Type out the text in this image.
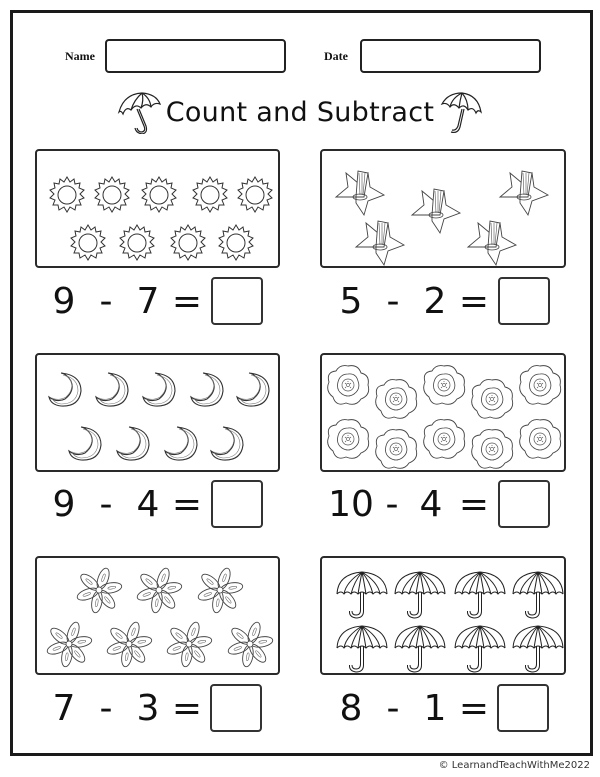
Name	Date
Count and Subtract
9 - 7 =	5 - 2 =
9 - 4 =	10 - 4 =
7 - 3 =	8 - 1 =
© LearnandTeachWithMe2022
